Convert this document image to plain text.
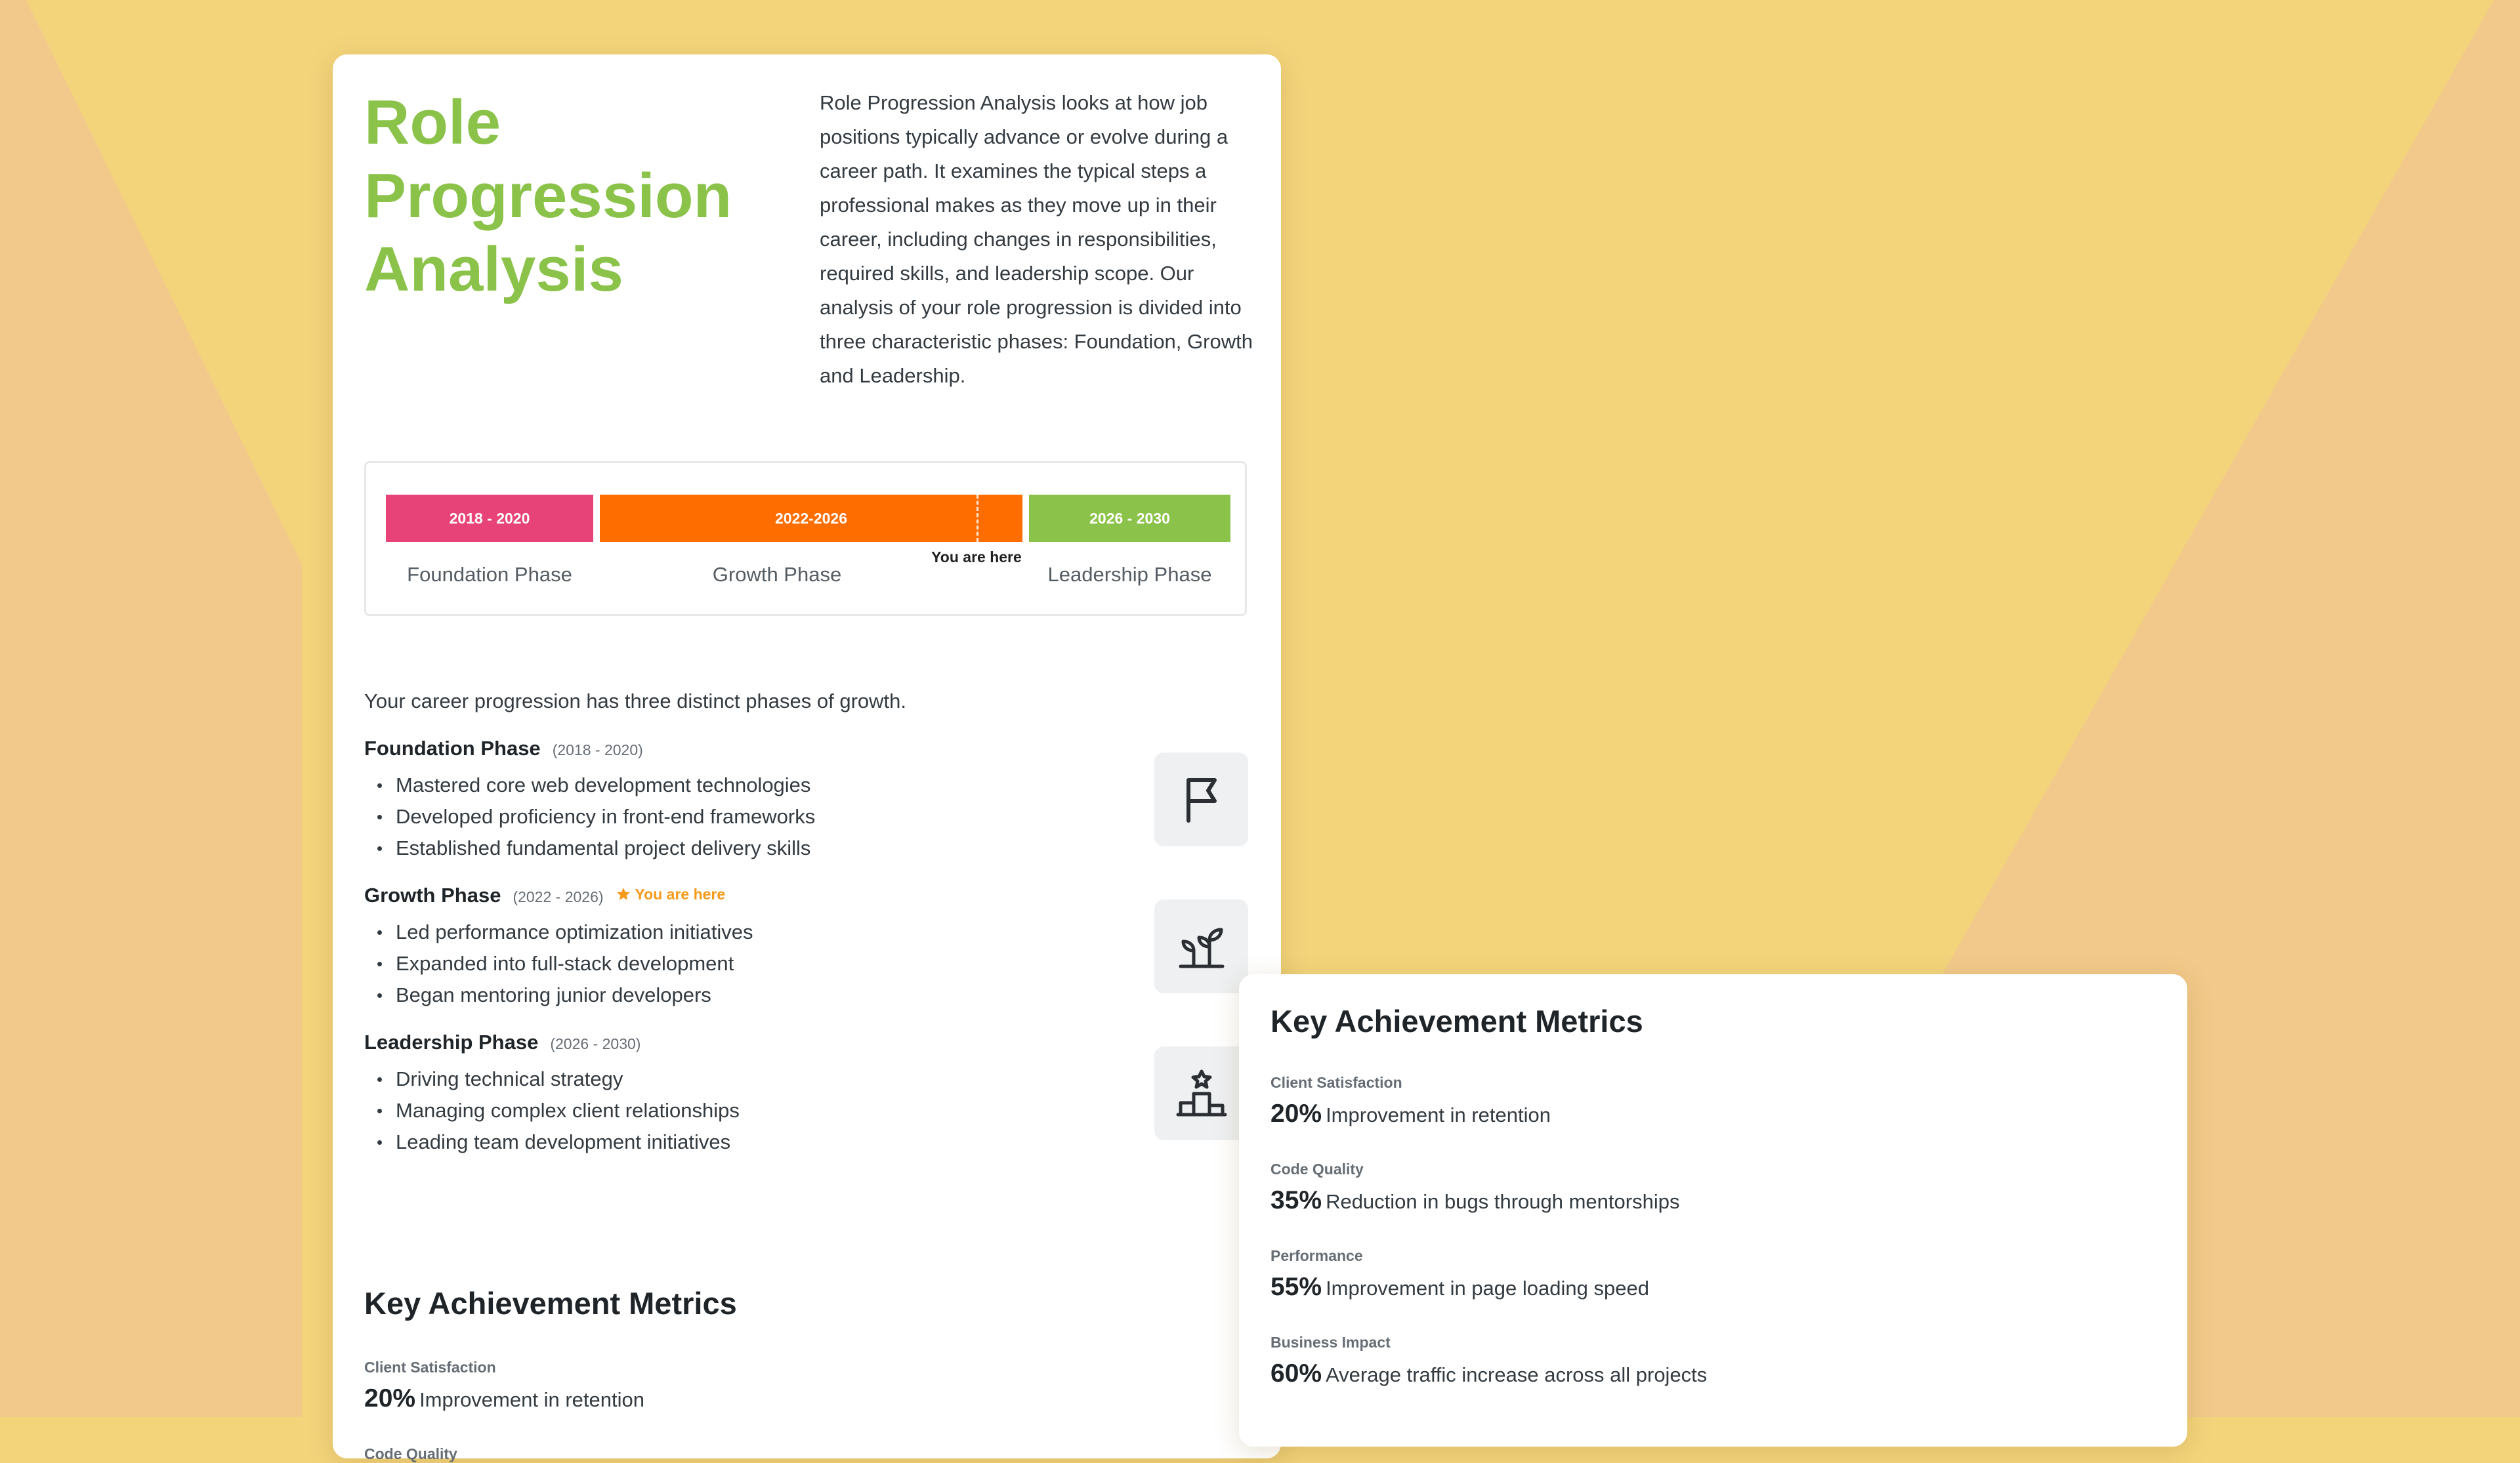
Role
Progression
Analysis

Role Progression Analysis looks at how job positions typically advance or evolve during a career path. It examines the typical steps a professional makes as they move up in their career, including changes in responsibilities, required skills, and leadership scope. Our analysis of your role progression is divided into three characteristic phases: Foundation, Growth and Leadership.

2018 - 2020	2022-2026	2026 - 2030
You are here
Foundation Phase	Growth Phase	Leadership Phase

Your career progression has three distinct phases of growth.

Foundation Phase (2018 - 2020)
Mastered core web development technologies
Developed proficiency in front-end frameworks
Established fundamental project delivery skills
Growth Phase (2022 - 2026) You are here
Led performance optimization initiatives
Expanded into full-stack development
Began mentoring junior developers
Leadership Phase (2026 - 2030)
Driving technical strategy
Managing complex client relationships
Leading team development initiatives
Key Achievement Metrics

Client Satisfaction

20% Improvement in retention

Code Quality

Key Achievement Metrics

Client Satisfaction

20% Improvement in retention

Code Quality

35% Reduction in bugs through mentorships

Performance

55% Improvement in page loading speed

Business Impact

60% Average traffic increase across all projects
